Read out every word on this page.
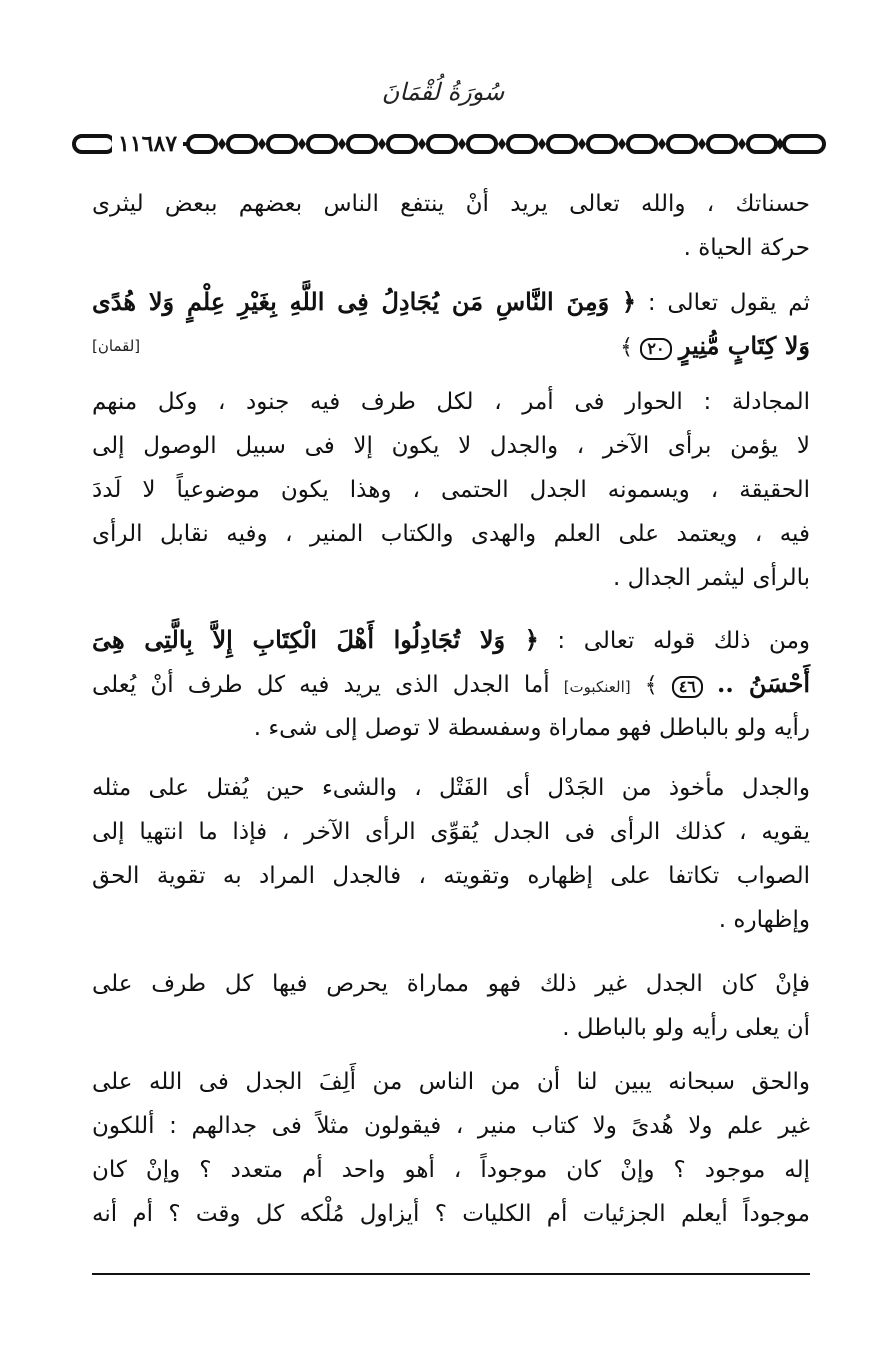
سُورَةُ لُقْمَانَ
١١٦٨٧
حسناتك ، والله تعالى يريد أنْ ينتفع الناس بعضهم ببعض ليثرى
حركة الحياة .
ثم يقول تعالى : ﴿ وَمِنَ النَّاسِ مَن يُجَادِلُ فِى اللَّهِ بِغَيْرِ عِلْمٍ وَلا هُدًى
وَلا كِتَابٍ مُّنِيرٍ ٢٠ ﴾
[لقمان]
المجادلة : الحوار فى أمر ، لكل طرف فيه جنود ، وكل منهم
لا يؤمن برأى الآخر ، والجدل لا يكون إلا فى سبيل الوصول إلى
الحقيقة ، ويسمونه الجدل الحتمى ، وهذا يكون موضوعياً لا لَددَ
فيه ، ويعتمد على العلم والهدى والكتاب المنير ، وفيه نقابل الرأى
بالرأى ليثمر الجدال .
ومن ذلك قوله تعالى : ﴿ وَلا تُجَادِلُوا أَهْلَ الْكِتَابِ إِلاَّ بِالَّتِى هِىَ
أَحْسَنُ .. ٤٦ ﴾ [العنكبوت] أما الجدل الذى يريد فيه كل طرف أنْ يُعلى
رأيه ولو بالباطل فهو مماراة وسفسطة لا توصل إلى شىء .
والجدل مأخوذ من الجَدْل أى الفَتْل ، والشىء حين يُفتل على مثله
يقويه ، كذلك الرأى فى الجدل يُقوِّى الرأى الآخر ، فإذا ما انتهيا إلى
الصواب تكاتفا على إظهاره وتقويته ، فالجدل المراد به تقوية الحق
وإظهاره .
فإنْ كان الجدل غير ذلك فهو مماراة يحرص فيها كل طرف على
أن يعلى رأيه ولو بالباطل .
والحق سبحانه يبين لنا أن من الناس من أَلِفَ الجدل فى الله على
غير علم ولا هُدىً ولا كتاب منير ، فيقولون مثلاً فى جدالهم : أللكون
إله موجود ؟ وإنْ كان موجوداً ، أهو واحد أم متعدد ؟ وإنْ كان
موجوداً أيعلم الجزئيات أم الكليات ؟ أيزاول مُلْكه كل وقت ؟ أم أنه
